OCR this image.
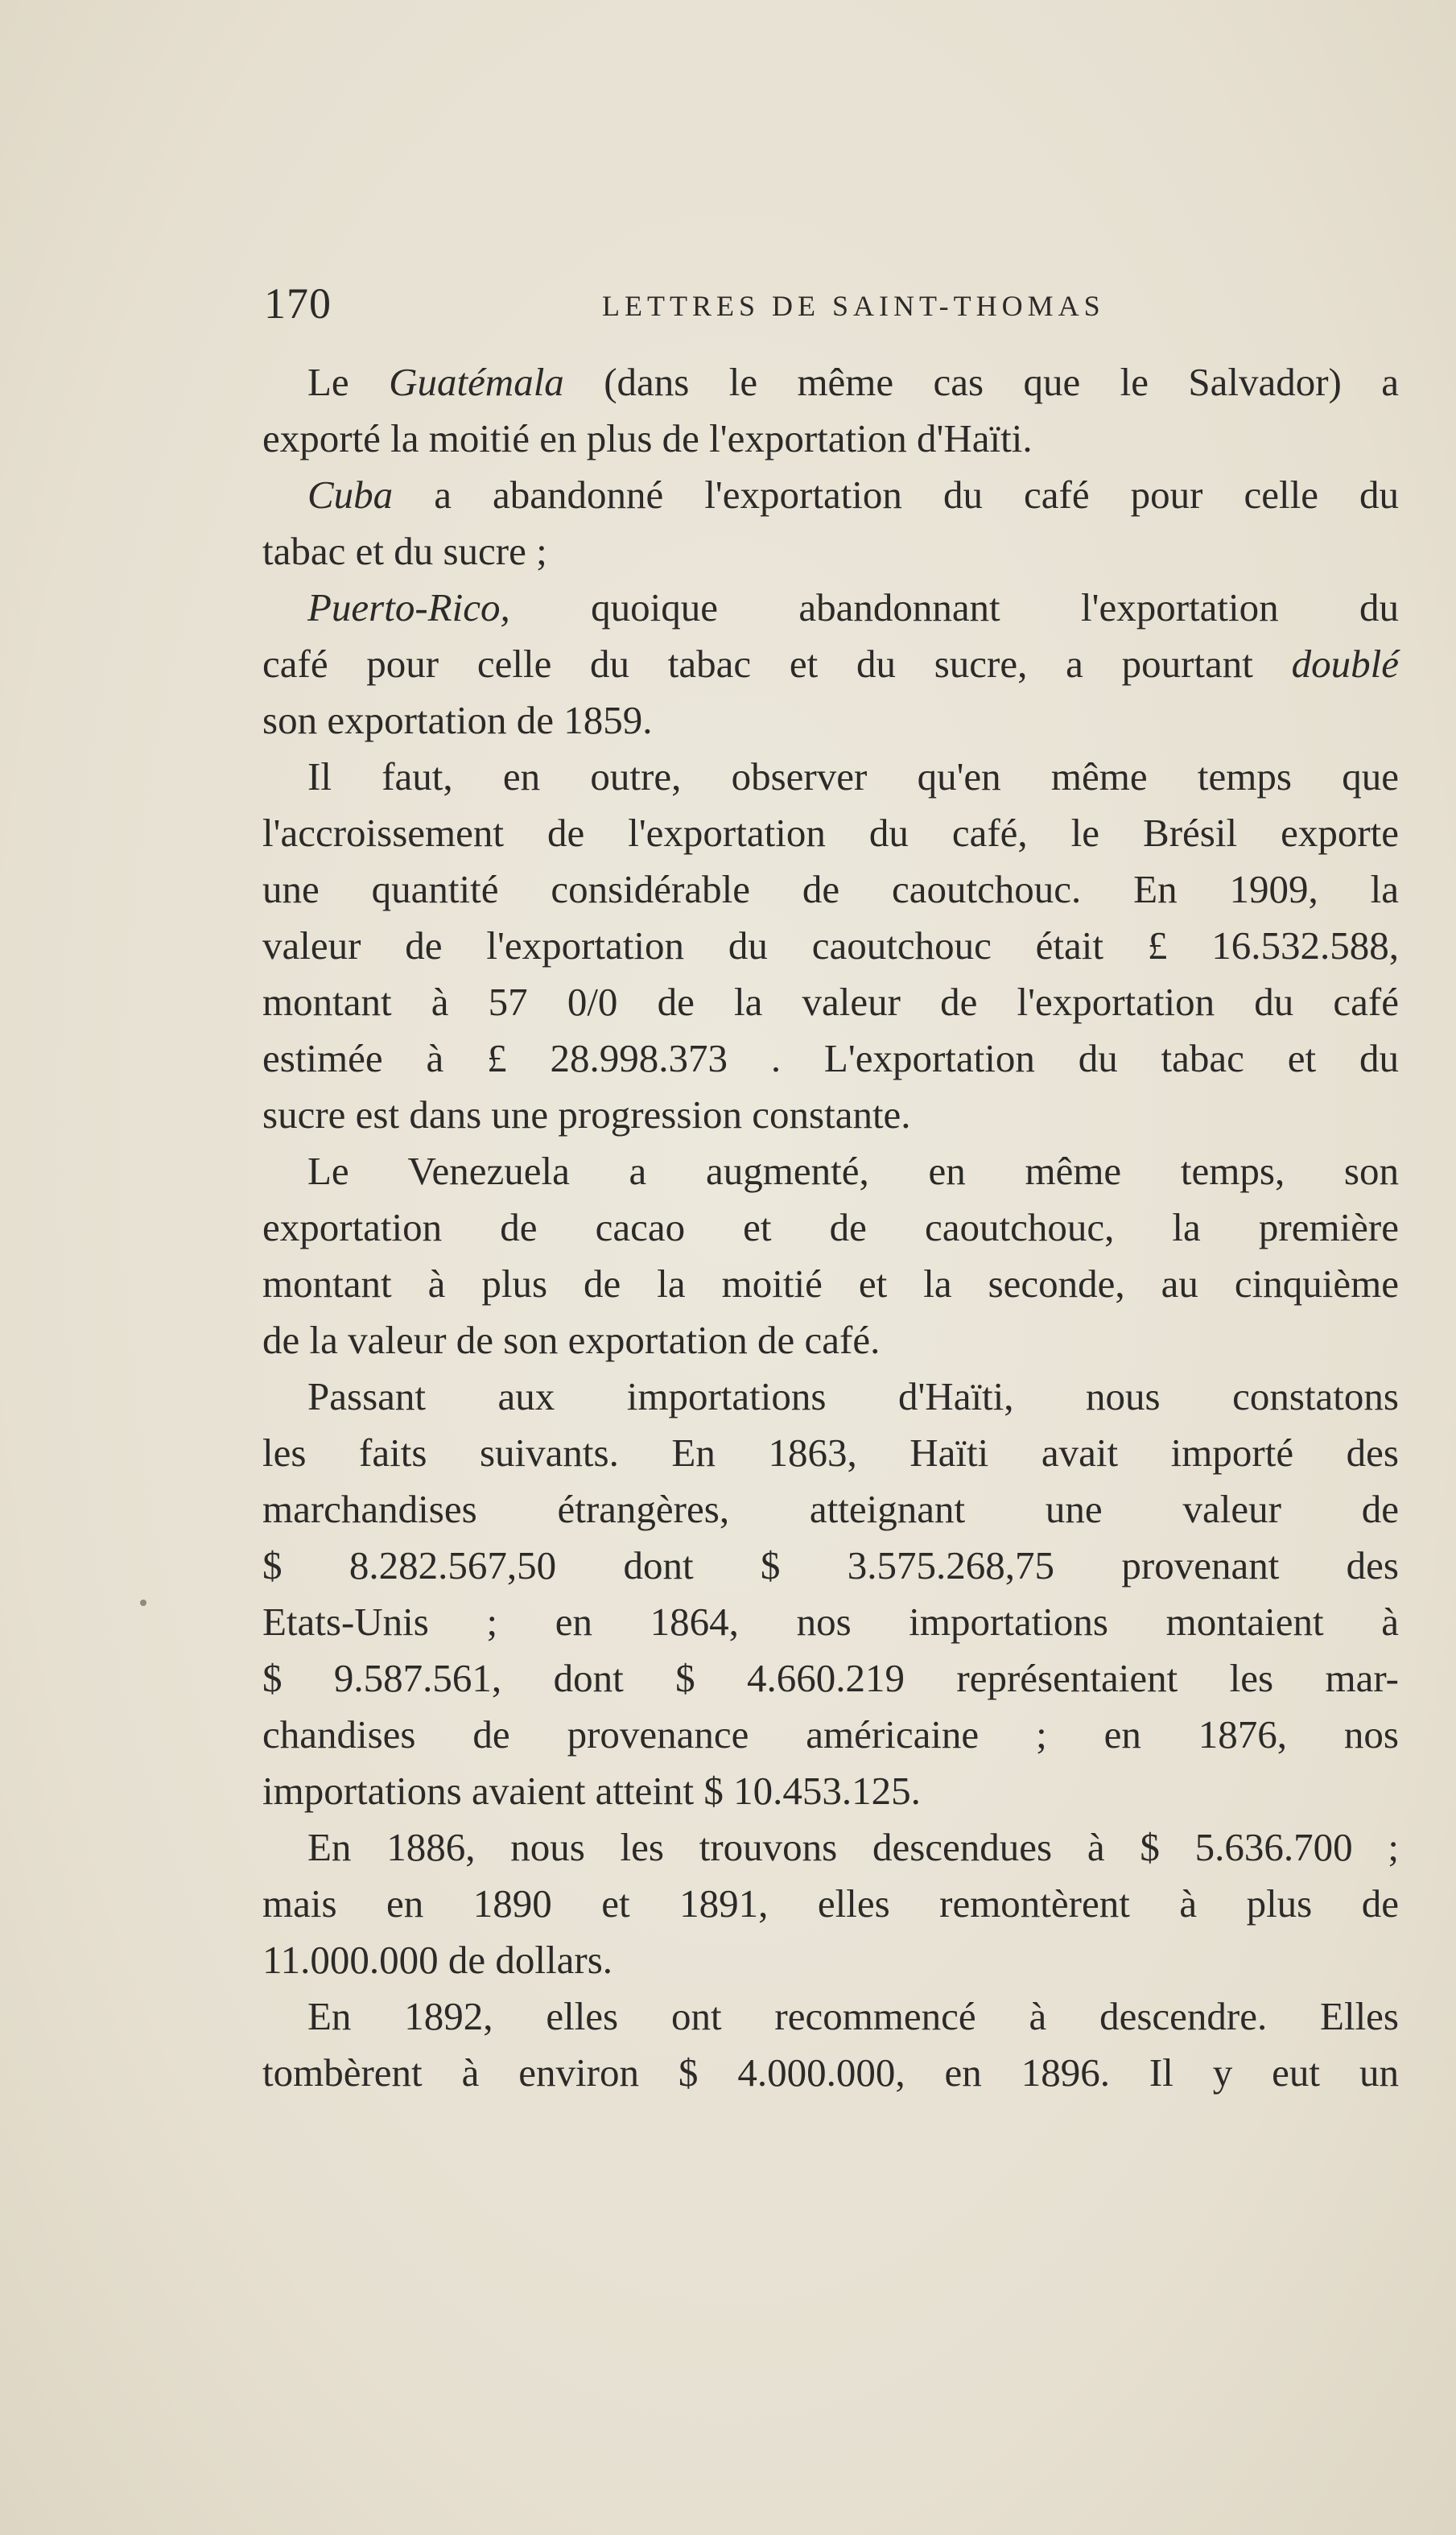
170	LETTRES DE SAINT-THOMAS
Le Guatémala (dans le même cas que le Salvador) a
exporté la moitié en plus de l'exportation d'Haïti.
Cuba a abandonné l'exportation du café pour celle du
tabac et du sucre ;
Puerto-Rico, quoique abandonnant l'exportation du
café pour celle du tabac et du sucre, a pourtant doublé
son exportation de 1859.
Il faut, en outre, observer qu'en même temps que
l'accroissement de l'exportation du café, le Brésil exporte
une quantité considérable de caoutchouc. En 1909, la
valeur de l'exportation du caoutchouc était £ 16.532.588,
montant à 57 0/0 de la valeur de l'exportation du café
estimée à £ 28.998.373 . L'exportation du tabac et du
sucre est dans une progression constante.
Le Venezuela a augmenté, en même temps, son
exportation de cacao et de caoutchouc, la première
montant à plus de la moitié et la seconde, au cinquième
de la valeur de son exportation de café.
Passant aux importations d'Haïti, nous constatons
les faits suivants. En 1863, Haïti avait importé des
marchandises étrangères, atteignant une valeur de
$ 8.282.567,50 dont $ 3.575.268,75 provenant des
Etats-Unis ; en 1864, nos importations montaient à
$ 9.587.561, dont $ 4.660.219 représentaient les mar-
chandises de provenance américaine ; en 1876, nos
importations avaient atteint $ 10.453.125.
En 1886, nous les trouvons descendues à $ 5.636.700 ;
mais en 1890 et 1891, elles remontèrent à plus de
11.000.000 de dollars.
En 1892, elles ont recommencé à descendre. Elles
tombèrent à environ $ 4.000.000, en 1896. Il y eut un
